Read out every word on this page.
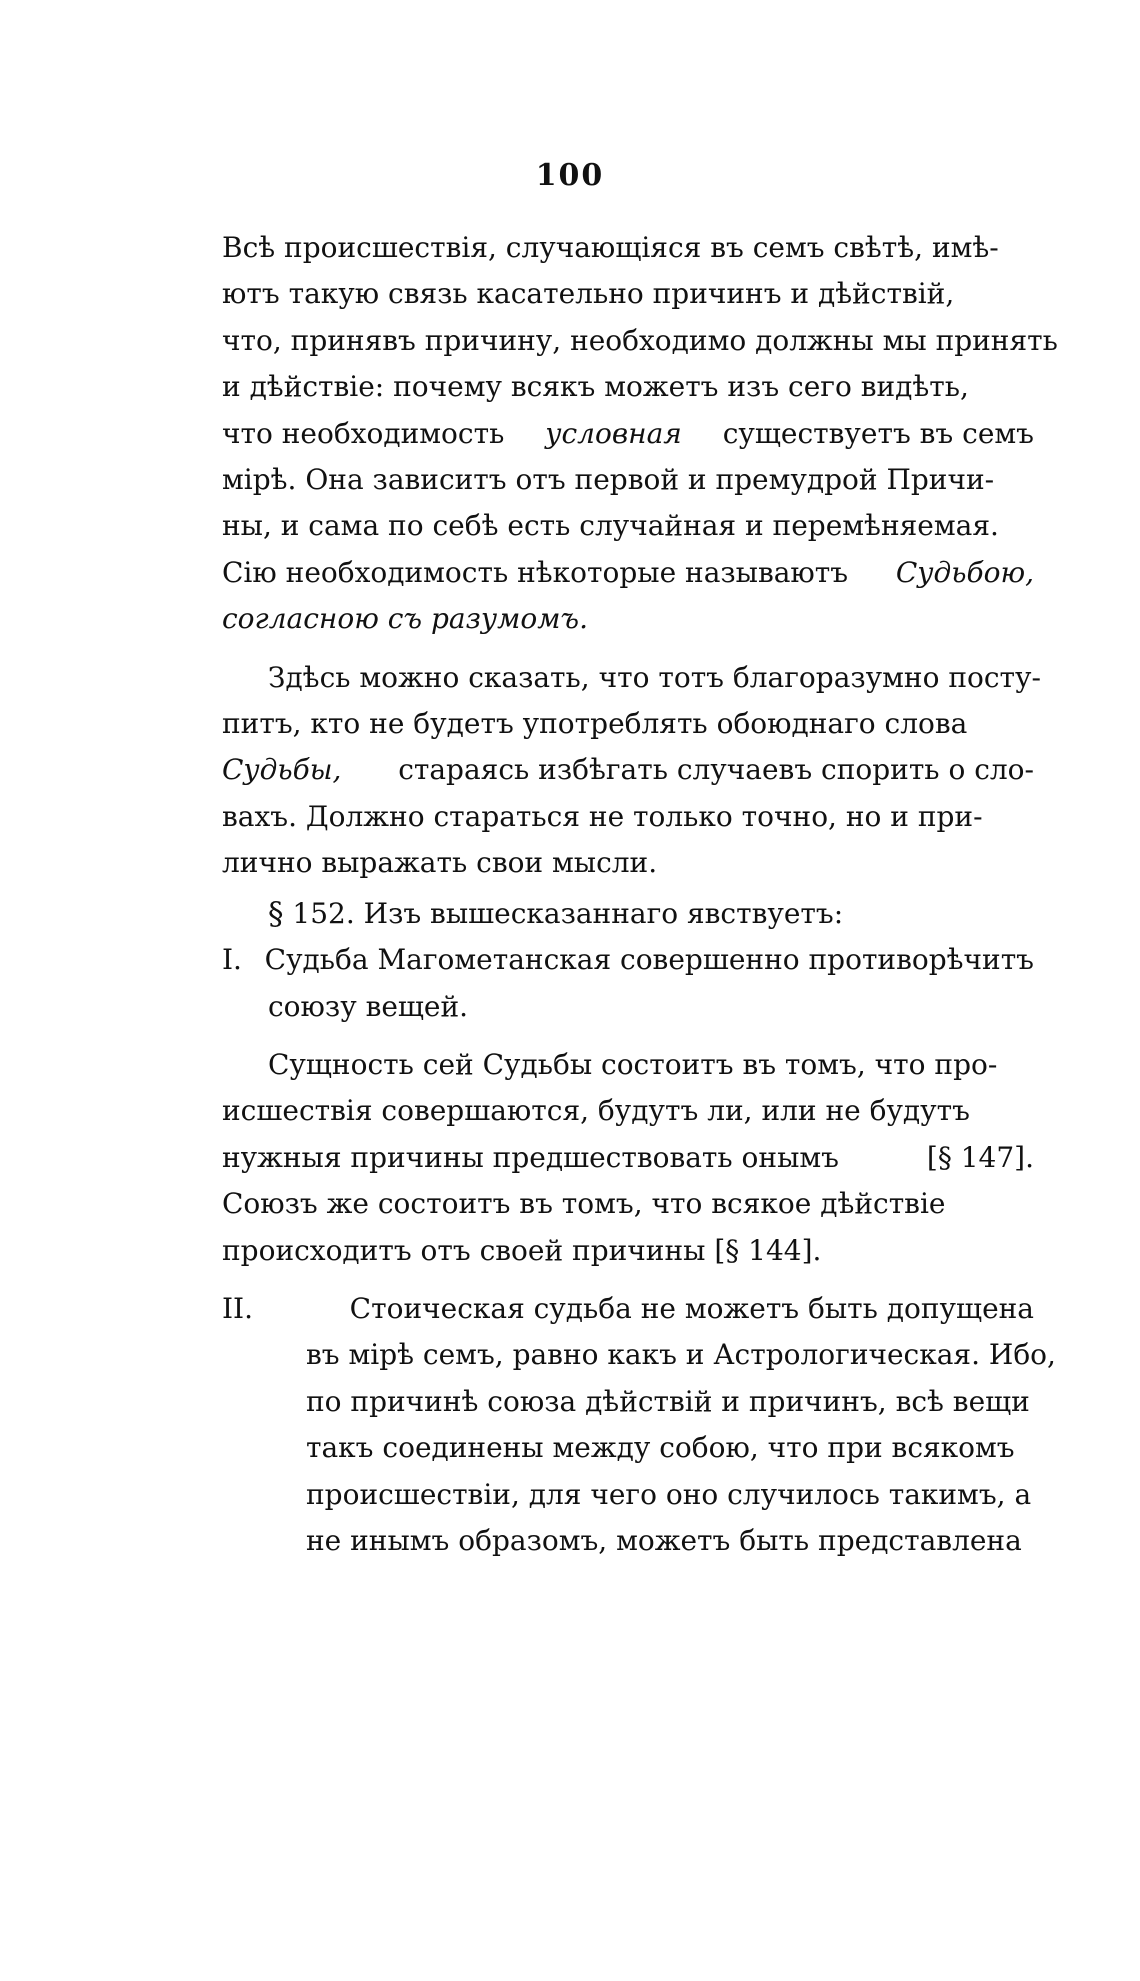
100
Всѣ происшествія, случающіяся въ семъ свѣтѣ, имѣ-
ютъ такую связь касательно причинъ и дѣйствій,
что, принявъ причину, необходимо должны мы принять
и дѣйствіе: почему всякъ можетъ изъ сего видѣть,
что необходимость условная существуетъ въ семъ
мірѣ. Она зависитъ отъ первой и премудрой Причи-
ны, и сама по себѣ есть случайная и перемѣняемая.
Сію необходимость нѣкоторые называютъ Судьбою,
согласною съ разумомъ.
Здѣсь можно сказать, что тотъ благоразумно посту-
питъ, кто не будетъ употреблять обоюднаго слова
Судьбы, стараясь избѣгать случаевъ спорить о сло-
вахъ. Должно стараться не только точно, но и при-
лично выражать свои мысли.
§
152.
Изъ вышесказаннаго явствуетъ:
I. Судьба Магометанская совершенно противорѣчитъ
союзу вещей.
Сущность сей Судьбы состоитъ въ томъ, что про-
исшествія совершаются, будутъ ли, или не будутъ
нужныя причины предшествовать онымъ	[§ 147].
Союзъ же состоитъ въ томъ, что всякое дѣйствіе
происходитъ отъ своей причины
[§ 144].
II.	Стоическая судьба не можетъ быть допущена
въ мірѣ семъ, равно какъ и Астрологическая. Ибо,
по причинѣ союза дѣйствій и причинъ, всѣ вещи
такъ соединены между собою, что при всякомъ
происшествіи, для чего оно случилось такимъ, а
не инымъ образомъ, можетъ быть представлена
